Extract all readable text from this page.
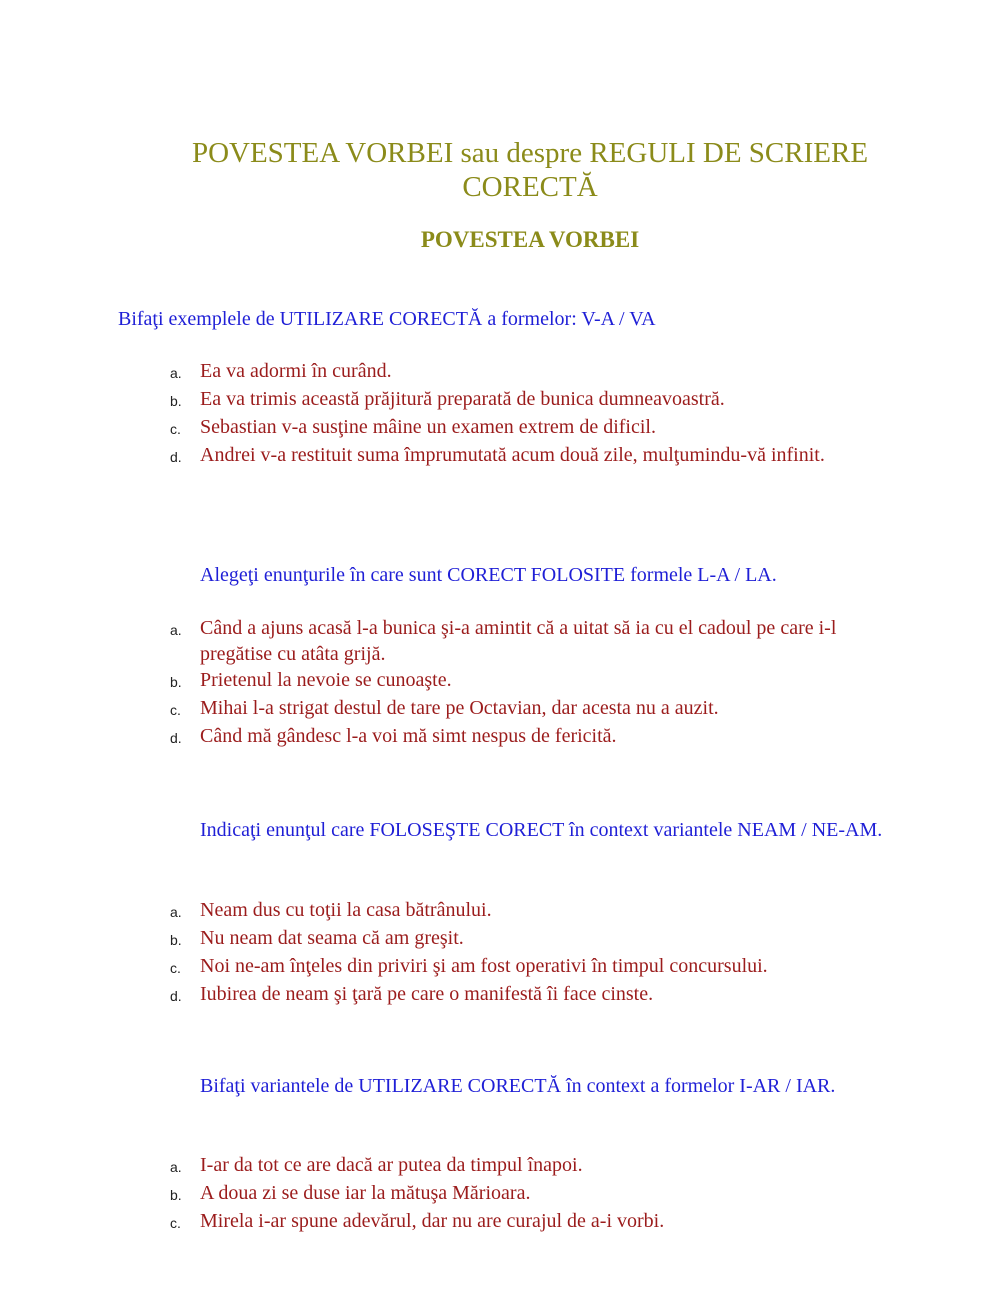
POVESTEA VORBEI sau despre REGULI DE SCRIERE CORECTĂ
POVESTEA VORBEI

Bifaţi exemplele de UTILIZARE CORECTĂ a formelor: V-A / VA

a. Ea va adormi în curând.
b. Ea va trimis această prăjitură preparată de bunica dumneavoastră.
c. Sebastian v-a susţine mâine un examen extrem de dificil.
d. Andrei v-a restituit suma împrumutată acum două zile, mulţumindu-vă infinit.

Alegeţi enunţurile în care sunt CORECT FOLOSITE formele L-A / LA.

a. Când a ajuns acasă l-a bunica şi-a amintit că a uitat să ia cu el cadoul pe care i-l pregătise cu atâta grijă.
b. Prietenul la nevoie se cunoaşte.
c. Mihai l-a strigat destul de tare pe Octavian, dar acesta nu a auzit.
d. Când mă gândesc l-a voi mă simt nespus de fericită.

Indicaţi enunţul care FOLOSEŞTE CORECT în context variantele NEAM / NE-AM.

a. Neam dus cu toţii la casa bătrânului.
b. Nu neam dat seama că am greşit.
c. Noi ne-am înţeles din priviri şi am fost operativi în timpul concursului.
d. Iubirea de neam şi ţară pe care o manifestă îi face cinste.

Bifaţi variantele de UTILIZARE CORECTĂ în context a formelor I-AR / IAR.

a. I-ar da tot ce are dacă ar putea da timpul înapoi.
b. A doua zi se duse iar la mătuşa Mărioara.
c. Mirela i-ar spune adevărul, dar nu are curajul de a-i vorbi.
